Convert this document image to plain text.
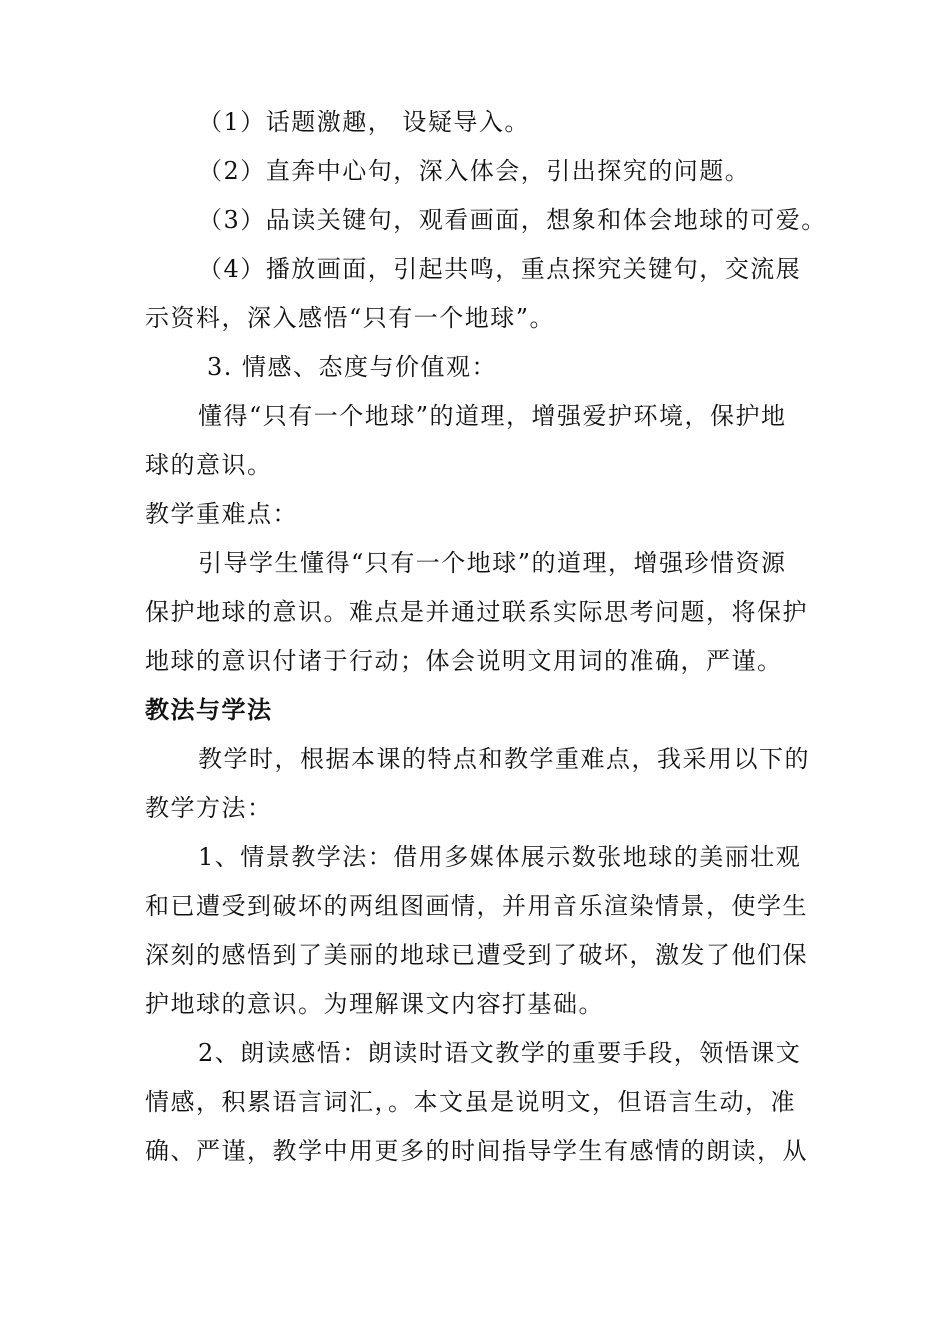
（1）话题激趣， 设疑导入。
（2）直奔中心句，深入体会，引出探究的问题。
（3）品读关键句，观看画面，想象和体会地球的可爱。
（4）播放画面，引起共鸣，重点探究关键句，交流展
示资料，深入感悟“只有一个地球”。
3. 情感、态度与价值观：
懂得“只有一个地球”的道理，增强爱护环境，保护地
球的意识。
教学重难点：
引导学生懂得“只有一个地球”的道理，增强珍惜资源
保护地球的意识。难点是并通过联系实际思考问题，将保护
地球的意识付诸于行动；体会说明文用词的准确，严谨。
教法与学法
教学时，根据本课的特点和教学重难点，我采用以下的
教学方法：
1、情景教学法：借用多媒体展示数张地球的美丽壮观
和已遭受到破坏的两组图画情，并用音乐渲染情景，使学生
深刻的感悟到了美丽的地球已遭受到了破坏，激发了他们保
护地球的意识。为理解课文内容打基础。
2、朗读感悟：朗读时语文教学的重要手段，领悟课文
情感，积累语言词汇，。本文虽是说明文，但语言生动，准
确、严谨，教学中用更多的时间指导学生有感情的朗读，从
